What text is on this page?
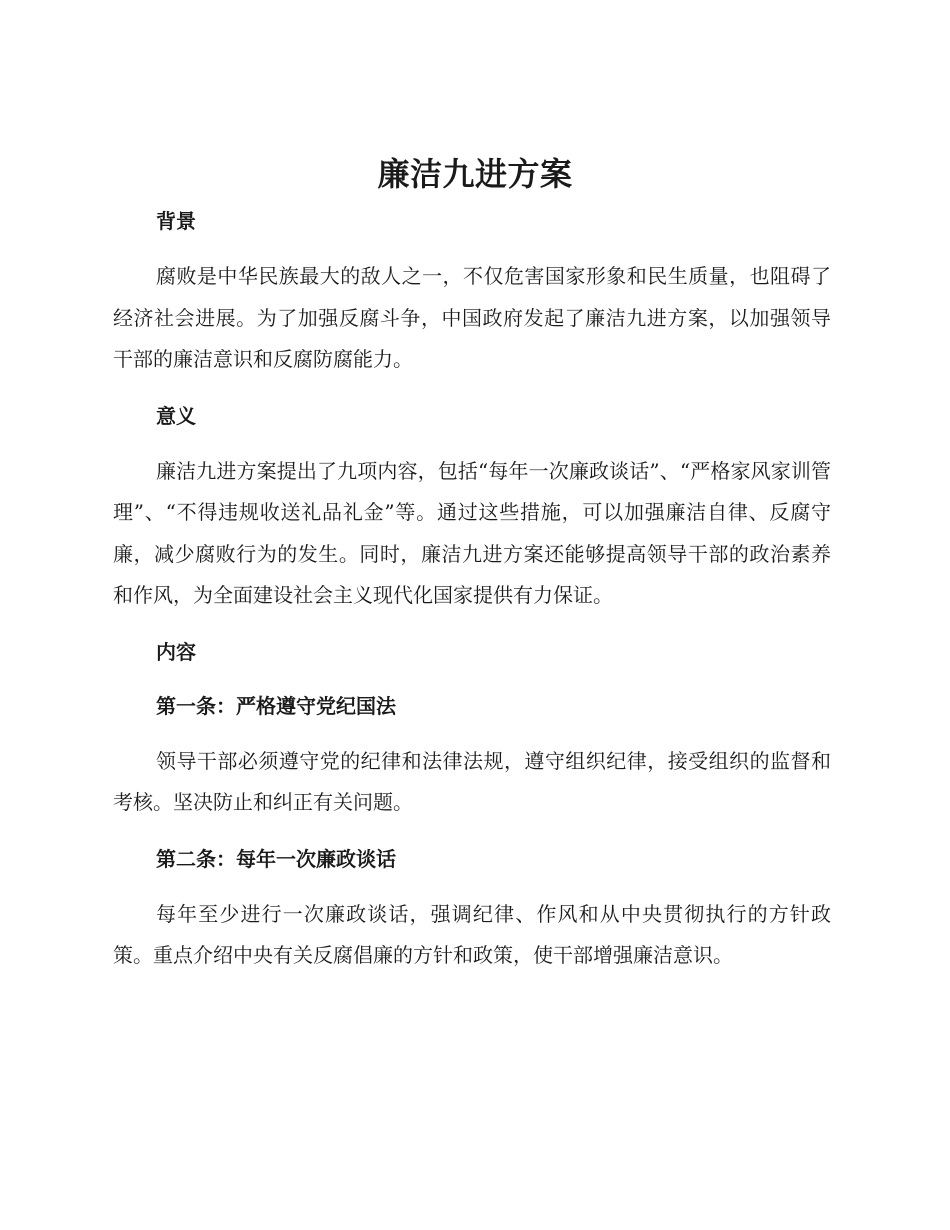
廉洁九进方案
背景

腐败是中华民族最大的敌人之一，不仅危害国家形象和民生质量，也阻碍了经济社会进展。为了加强反腐斗争，中国政府发起了廉洁九进方案，以加强领导干部的廉洁意识和反腐防腐能力。

意义

廉洁九进方案提出了九项内容，包括“每年一次廉政谈话”、“严格家风家训管理”、“不得违规收送礼品礼金”等。通过这些措施，可以加强廉洁自律、反腐守廉，减少腐败行为的发生。同时，廉洁九进方案还能够提高领导干部的政治素养和作风，为全面建设社会主义现代化国家提供有力保证。

内容
第一条：严格遵守党纪国法

领导干部必须遵守党的纪律和法律法规，遵守组织纪律，接受组织的监督和考核。坚决防止和纠正有关问题。

第二条：每年一次廉政谈话

每年至少进行一次廉政谈话，强调纪律、作风和从中央贯彻执行的方针政策。重点介绍中央有关反腐倡廉的方针和政策，使干部增强廉洁意识。
